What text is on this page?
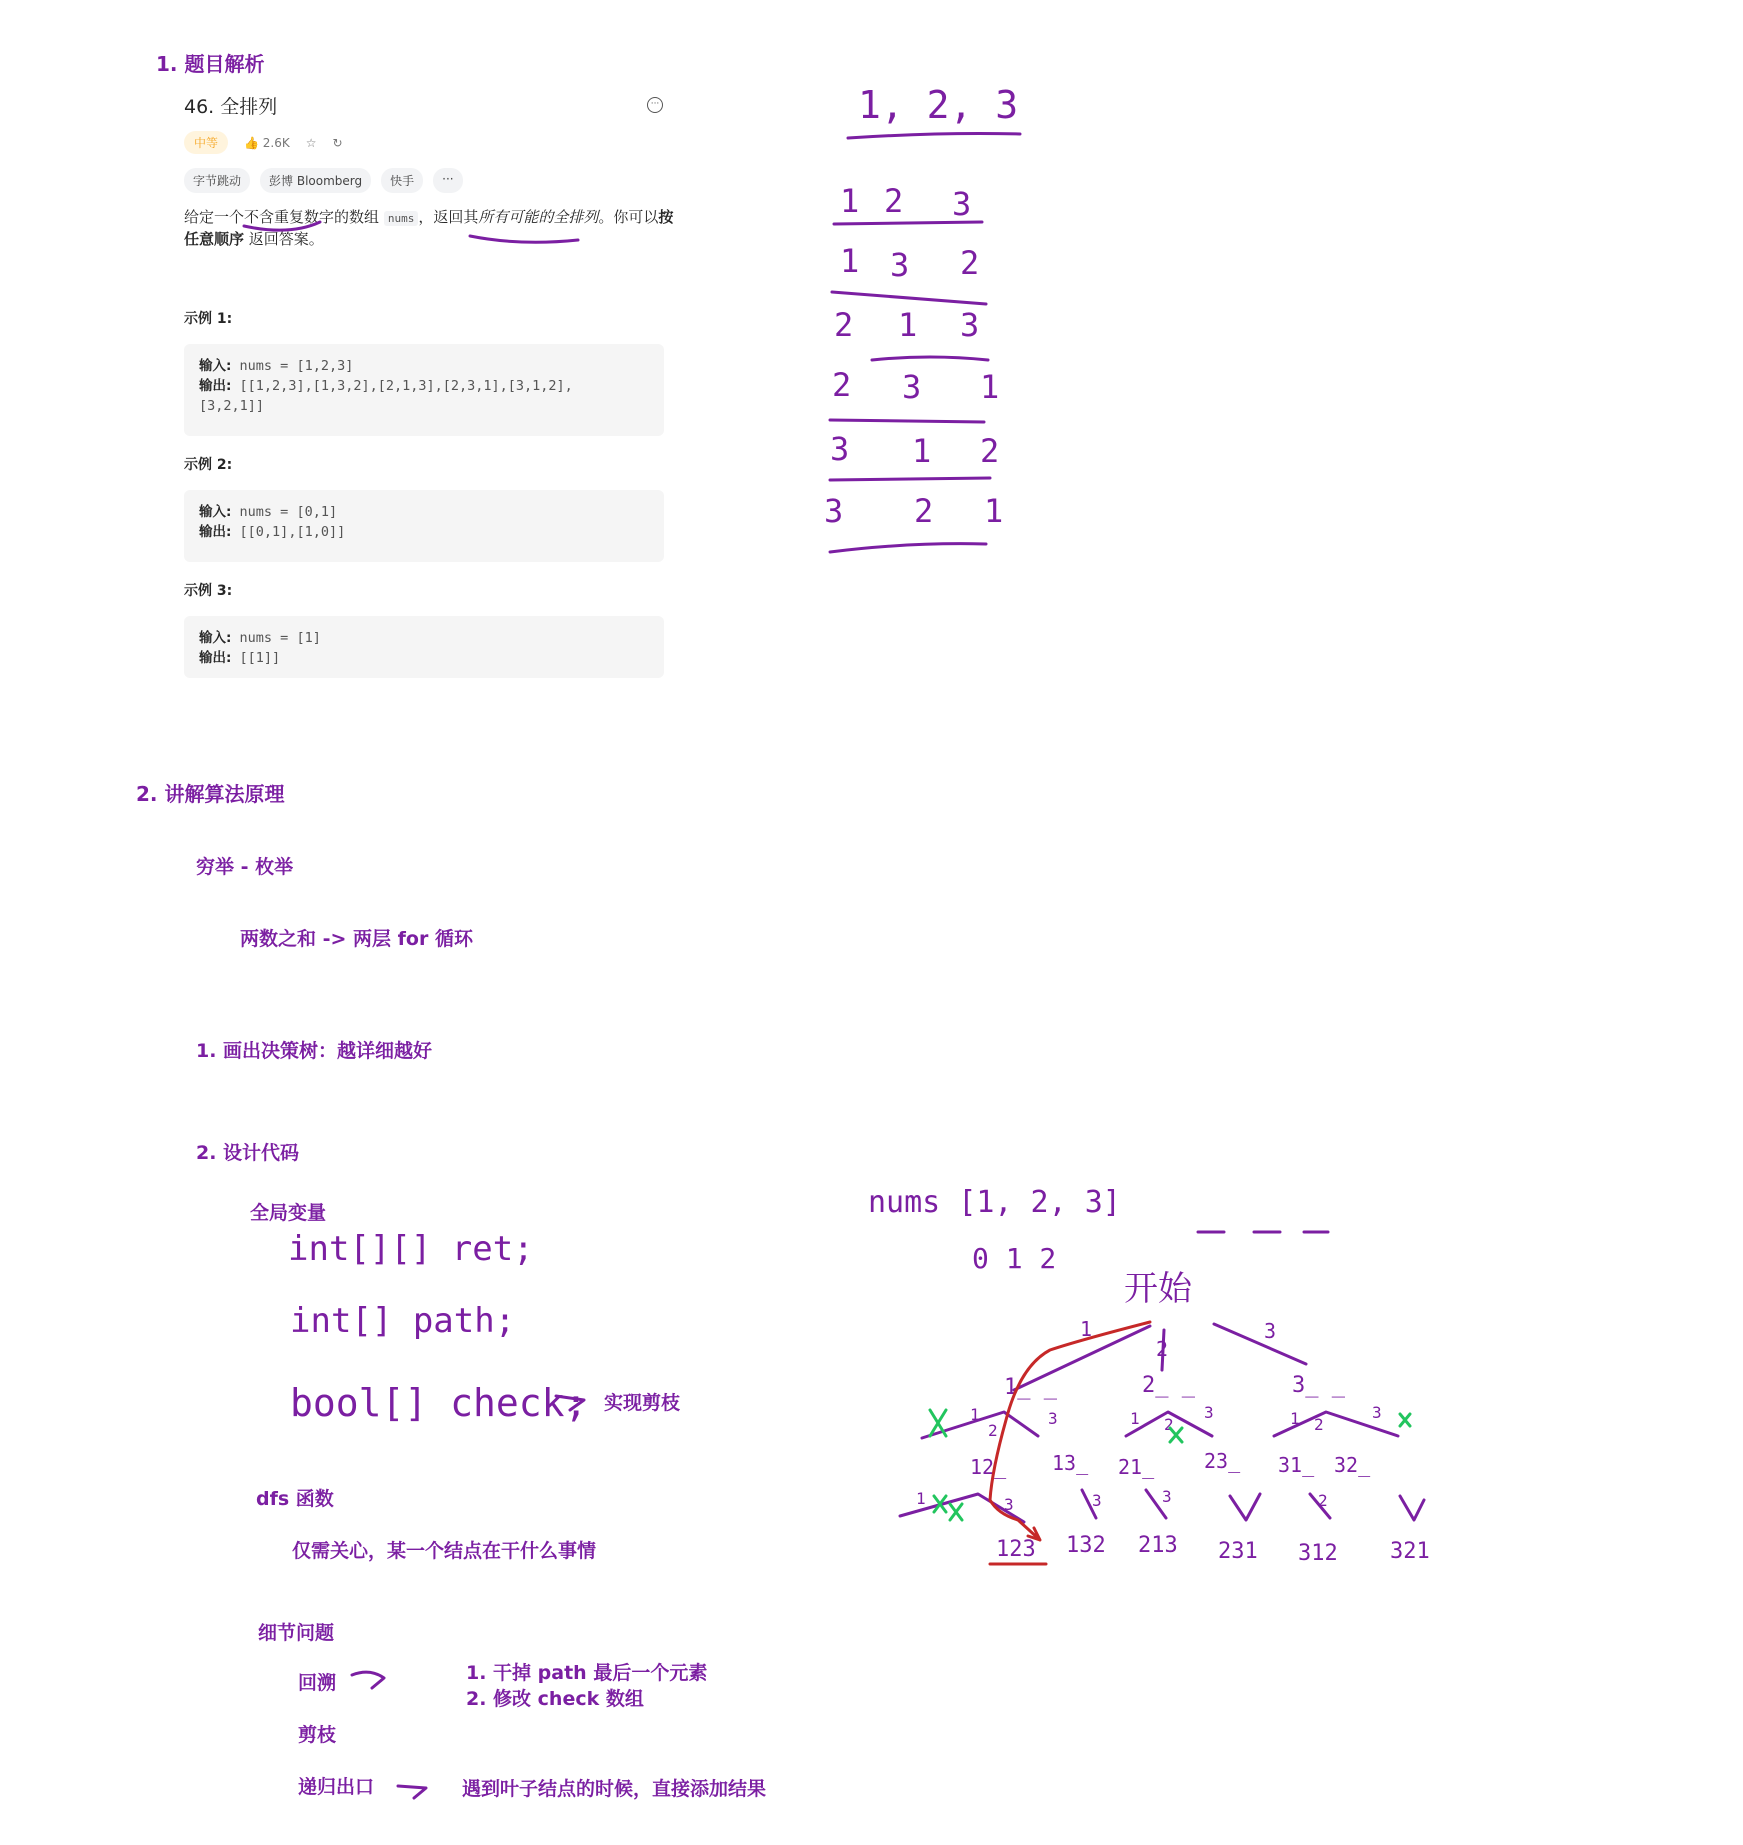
1. 题目解析
2. 讲解算法原理
46. 全排列	···
中等	👍 2.6K ☆ ↻
字节跳动	彭博 Bloomberg	快手	···
给定一个不含重复数字的数组 nums ，返回其所有可能的全排列。你可以按任意顺序 返回答案。
示例 1:
输入: nums = [1,2,3]
输出: [[1,2,3],[1,3,2],[2,1,3],[2,3,1],[3,1,2],
[3,2,1]]
示例 2:
输入: nums = [0,1]
输出: [[0,1],[1,0]]
示例 3:
输入: nums = [1]
输出: [[1]]
穷举 - 枚举
两数之和 -> 两层 for 循环
1. 画出决策树：越详细越好
2. 设计代码
全局变量
实现剪枝
dfs 函数
仅需关心，某一个结点在干什么事情
细节问题
回溯	1. 干掉 path 最后一个元素
2. 修改 check 数组
剪枝
递归出口	遇到叶子结点的时候，直接添加结果
1, 2, 3
1 2 3
1 3 2
2 1 3
2 3 1
3 1 2
3 2 1
int[][] ret;
int[] path;
bool[] check;
nums [1, 2, 3]
0 1 2
开始
1
2
3
1_ _	2_ _	3_ _
1
2
3	1 2
3	1 2
3
12_ 13_ 21_ 23_ 31_ 32_
1	3	3	3	2
123 132 213 231 312 321
